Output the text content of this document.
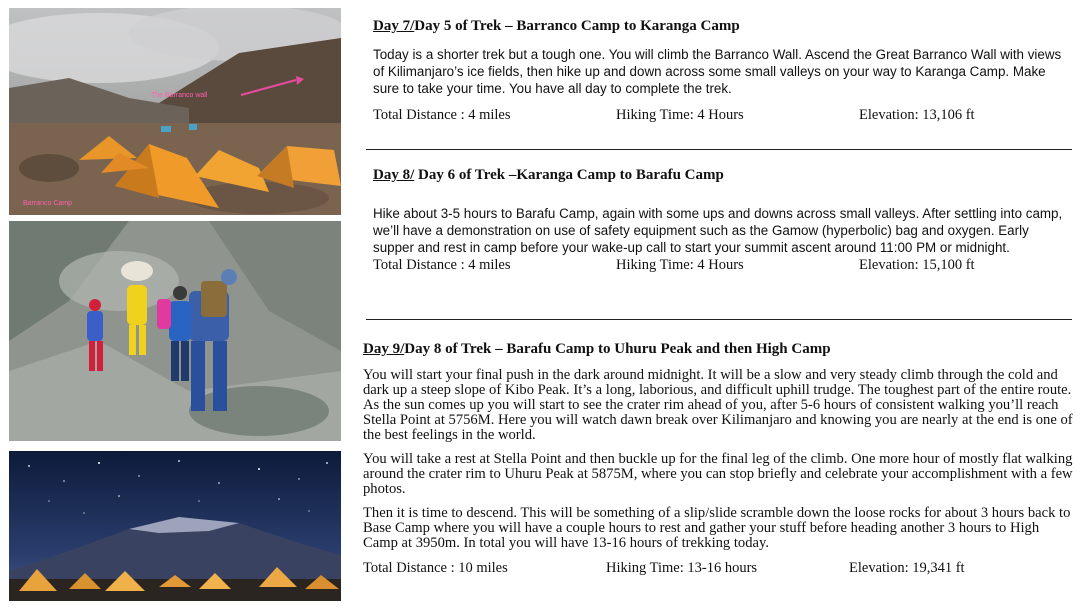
The Barranco wall
Barranco Camp
Day 7/Day 5 of Trek – Barranco Camp to Karanga Camp

Today is a shorter trek but a tough one. You will climb the Barranco Wall. Ascend the Great Barranco Wall with views of Kilimanjaro’s ice fields, then hike up and down across some small valleys on your way to Karanga Camp. Make sure to take your time. You have all day to complete the trek.

Total Distance : 4 miles	Hiking Time: 4 Hours	Elevation: 13,106 ft
Day 8/ Day 6 of Trek –Karanga Camp to Barafu Camp

Hike about 3-5 hours to Barafu Camp, again with some ups and downs across small valleys. After settling into camp, we’ll have a demonstration on use of safety equipment such as the Gamow (hyperbolic) bag and oxygen. Early supper and rest in camp before your wake-up call to start your summit ascent around 11:00 PM or midnight.

Total Distance : 4 miles	Hiking Time: 4 Hours	Elevation: 15,100 ft
Day 9/Day 8 of Trek – Barafu Camp to Uhuru Peak and then High Camp

You will start your final push in the dark around midnight. It will be a slow and very steady climb through the cold and dark up a steep slope of Kibo Peak. It’s a long, laborious, and difficult uphill trudge. The toughest part of the entire route. As the sun comes up you will start to see the crater rim ahead of you, after 5-6 hours of consistent walking you’ll reach Stella Point at 5756M. Here you will watch dawn break over Kilimanjaro and knowing you are nearly at the end is one of the best feelings in the world.

You will take a rest at Stella Point and then buckle up for the final leg of the climb. One more hour of mostly flat walking around the crater rim to Uhuru Peak at 5875M, where you can stop briefly and celebrate your accomplishment with a few photos.

Then it is time to descend. This will be something of a slip/slide scramble down the loose rocks for about 3 hours back to Base Camp where you will have a couple hours to rest and gather your stuff before heading another 3 hours to High Camp at 3950m. In total you will have 13-16 hours of trekking today.

Total Distance : 10 miles	Hiking Time: 13-16 hours	Elevation: 19,341 ft
